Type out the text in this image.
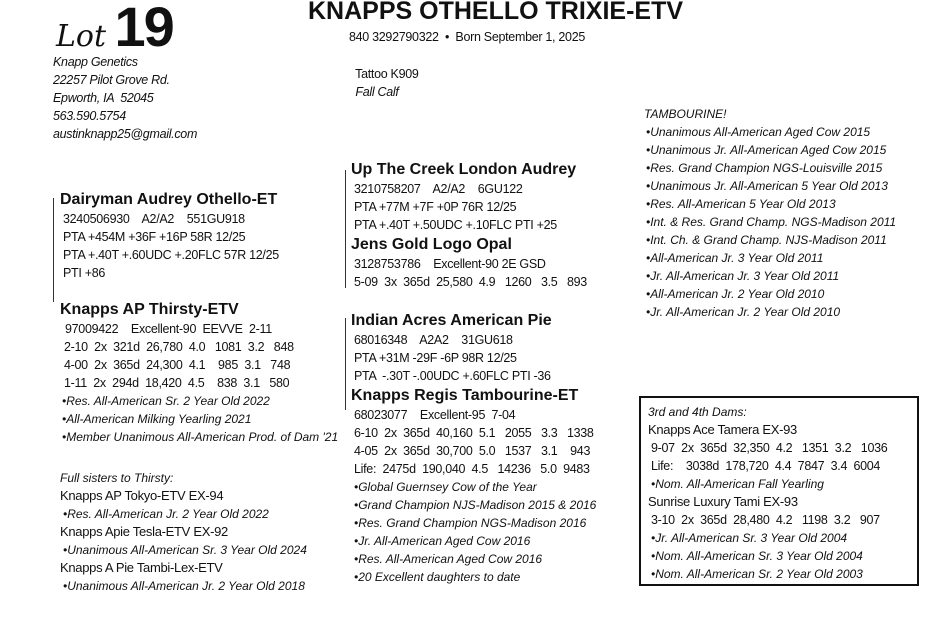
Lot 19	KNAPPS OTHELLO TRIXIE-ETV
840 3292790322  •  Born September 1, 2025

Tattoo K909
Fall Calf

Knapp Genetics
22257 Pilot Grove Rd.
Epworth, IA  52045
563.590.5754
austinknapp25@gmail.com
Dairyman Audrey Othello-ET
3240506930    A2/A2    551GU918
PTA +454M +36F +16P 58R 12/25
PTA +.40T +.60UDC +.20FLC 57R 12/25
PTI +86
Knapps AP Thirsty-ETV
97009422    Excellent-90  EEVVE  2-11
2-10  2x  321d  26,780  4.0   1081  3.2   848
4-00  2x  365d  24,300  4.1    985  3.1   748
1-11  2x  294d  18,420  4.5    838  3.1   580
•Res. All-American Sr. 2 Year Old 2022
•All-American Milking Yearling 2021
•Member Unanimous All-American Prod. of Dam '21
Full sisters to Thirsty:
Knapps AP Tokyo-ETV EX-94
•Res. All-American Jr. 2 Year Old 2022
Knapps Apie Tesla-ETV EX-92
•Unanimous All-American Sr. 3 Year Old 2024
Knapps A Pie Tambi-Lex-ETV
•Unanimous All-American Jr. 2 Year Old 2018
Up The Creek London Audrey
3210758207    A2/A2    6GU122
PTA +77M +7F +0P 76R 12/25
PTA +.40T +.50UDC +.10FLC PTI +25
Jens Gold Logo Opal
3128753786    Excellent-90 2E GSD
5-09  3x  365d  25,580  4.9   1260   3.5   893
Indian Acres American Pie
68016348    A2A2    31GU618
PTA +31M -29F -6P 98R 12/25
PTA  -.30T -.00UDC +.60FLC PTI -36
Knapps Regis Tambourine-ET
68023077    Excellent-95  7-04
6-10  2x  365d  40,160  5.1   2055   3.3   1338
4-05  2x  365d  30,700  5.0   1537   3.1    943
Life:  2475d  190,040  4.5   14236   5.0  9483
•Global Guernsey Cow of the Year
•Grand Champion NJS-Madison 2015 & 2016
•Res. Grand Champion NGS-Madison 2016
•Jr. All-American Aged Cow 2016
•Res. All-American Aged Cow 2016
•20 Excellent daughters to date
TAMBOURINE!
•Unanimous All-American Aged Cow 2015
•Unanimous Jr. All-American Aged Cow 2015
•Res. Grand Champion NGS-Louisville 2015
•Unanimous Jr. All-American 5 Year Old 2013
•Res. All-American 5 Year Old 2013
•Int. & Res. Grand Champ. NGS-Madison 2011
•Int. Ch. & Grand Champ. NJS-Madison 2011
•All-American Jr. 3 Year Old 2011
•Jr. All-American Jr. 3 Year Old 2011
•All-American Jr. 2 Year Old 2010
•Jr. All-American Jr. 2 Year Old 2010
3rd and 4th Dams:
Knapps Ace Tamera EX-93
9-07  2x  365d  32,350  4.2   1351  3.2   1036
Life:    3038d  178,720  4.4  7847  3.4  6004
•Nom. All-American Fall Yearling
Sunrise Luxury Tami EX-93
3-10  2x  365d  28,480  4.2   1198  3.2   907
•Jr. All-American Sr. 3 Year Old 2004
•Nom. All-American Sr. 3 Year Old 2004
•Nom. All-American Sr. 2 Year Old 2003
